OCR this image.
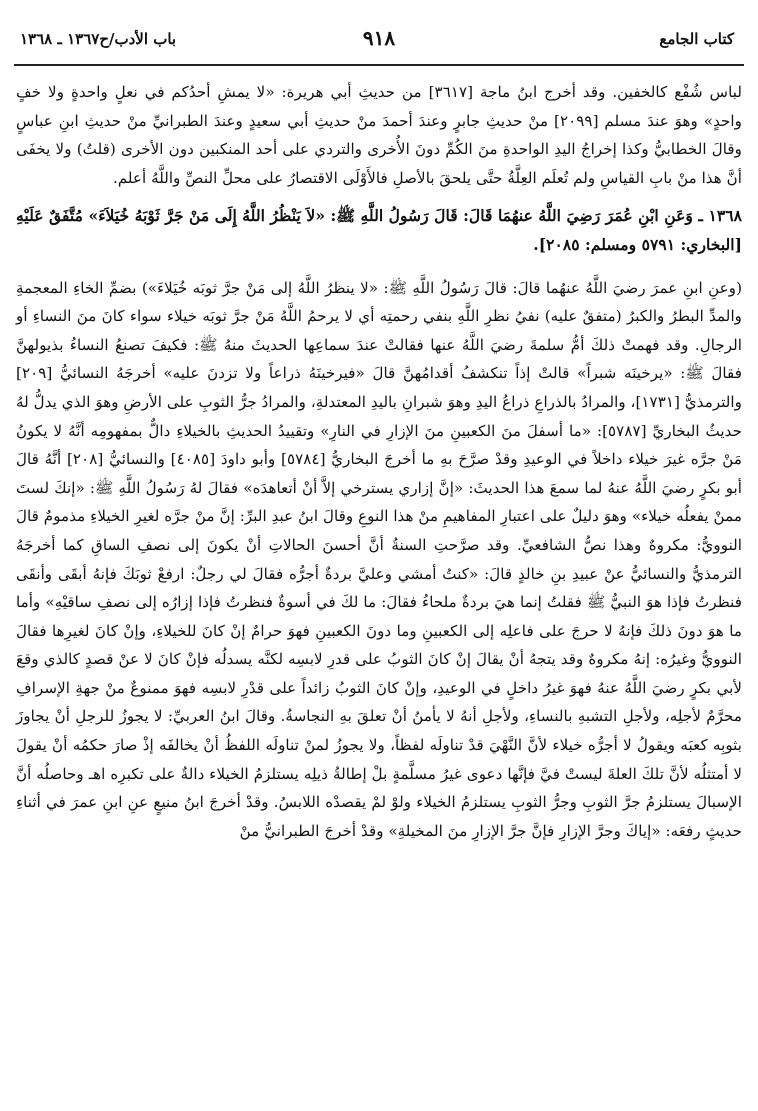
كتاب الجامع
٩١٨
باب الأدب/ح١٣٦٧ ـ ١٣٦٨

لباس شُفْع كالخفين. وقد أخرج ابنُ ماجة [٣٦١٧] من حديثِ أبي هريرة: «لا يمشِ أحدُكم في نعلٍ واحدةٍ ولا خفٍ واحدٍ» وهوَ عندَ مسلم [٢٠٩٩] منْ حديثِ جابرٍ وعندَ أحمدَ منْ حديثِ أبي سعيدٍ وعندَ الطبرانيِّ منْ حديثِ ابنِ عباسٍ وقالَ الخطابيُّ وكذا إخراجُ اليدِ الواحدةِ منَ الكُمِّ دونَ الأُخرى والتردي على أحد المنكبين دون الأخرى (قلتُ) ولا يخفَى أنَّ هذا منْ بابِ القياسِ ولم تُعلَم العِلَّةُ حتَّى يلحقَ بالأصلِ فالأَوْلَى الاقتصارُ على محلِّ النصِّ واللَّهُ أعلم.

١٣٦٨ ـ وَعَنِ ابْنِ عُمَرَ رَضِيَ اللَّهُ عنهُمَا قَالَ: قَالَ رَسُولُ اللَّهِ ﷺ: «لاَ يَنْظُرُ اللَّهُ إِلَى مَنْ جَرَّ ثَوْبَهُ خُيَلاَءَ» مُتَّفَقٌ عَلَيْهِ [البخاري: ٥٧٩١ ومسلم: ٢٠٨٥].

(وعنِ ابنِ عمرَ رضيَ اللَّهُ عنهُما قالَ: قالَ رَسُولُ اللَّهِ ﷺ: «لا ينظرُ اللَّهُ إلى مَنْ جرَّ ثوبَه خُيَلاءَ») بضمِّ الخاءِ المعجمةِ والمدِّ البطرُ والكبرُ (متفقٌ عليه) نفيُ نظرِ اللَّهِ بنفي رحمتِه أي لا يرحمُ اللَّهُ مَنْ جرَّ ثوبَه خيلاء سواء كانَ منَ النساءِ أو الرجالِ. وقد فهمتْ ذلكَ أمُّ سلمةَ رضيَ اللَّهُ عنها فقالتْ عندَ سماعِها الحديثَ منهُ ﷺ: فكيفَ تصنعُ النساءُ بذيولهنَّ فقالَ ﷺ: «يرخينَه شبراً» قالتْ إذاً تنكشفُ أقدامُهنَّ قالَ «فيرخينَهُ ذراعاً ولا تزدنَ عليه» أخرجَهُ النسائيُّ [٢٠٩] والترمذيُّ [١٧٣١]، والمرادُ بالذراعِ ذراعُ اليدِ وهوَ شبرانِ باليدِ المعتدلةِ، والمرادُ جرُّ الثوبِ على الأرضِ وهوَ الذي يدلُّ لهُ حديثُ البخاريِّ [٥٧٨٧]: «ما أسفلَ منَ الكعبينِ منَ الإزارِ في النارِ» وتقييدُ الحديثِ بالخيلاءِ دالٌّ بمفهومِه أنَّهُ لا يكونُ مَنْ جرَّه غيرَ خيلاء داخلاً في الوعيدِ وقدْ صرَّحَ بهِ ما أخرجَ البخاريُّ [٥٧٨٤] وأبو داودَ [٤٠٨٥] والنسائيُّ [٢٠٨] أنَّهُ قالَ أبو بكرٍ رضيَ اللَّهُ عنهُ لما سمعَ هذا الحديثَ: «إنَّ إزاري يسترخي إلاَّ أنْ أتعاهدَه» فقالَ لهُ رَسُولُ اللَّهِ ﷺ: «إنكَ لستَ ممنْ يفعلُه خيلاء» وهوَ دليلٌ على اعتبارِ المفاهيمِ منْ هذا النوعِ وقالَ ابنُ عبدِ البرِّ: إنَّ منْ جرَّه لغيرِ الخيلاءِ مذمومٌ قالَ النوويُّ: مكروهٌ وهذا نصُّ الشافعيِّ. وقد صرَّحتِ السنةُ أنَّ أحسنَ الحالاتِ أنْ يكونَ إلى نصفِ الساقِ كما أخرجَهُ الترمذيُّ والنسائيُّ عنْ عبيدِ بنِ خالدٍ قالَ: «كنتُ أمشي وعليَّ بردةٌ أجرُّه فقالَ لي رجلٌ: ارفعْ ثوبَكَ فإنهُ أبقَى وأنقَى فنظرتُ فإذا هوَ النبيُّ ﷺ فقلتُ إنما هيَ بردةٌ ملحاءُ فقالَ: ما لكَ في أسوةٌ فنظرتُ فإذا إزارُه إلى نصفِ ساقيْهِ» وأما ما هوَ دونَ ذلكَ فإنهُ لا حرجَ على فاعلِه إلى الكعبينِ وما دونَ الكعبينِ فهوَ حرامٌ إنْ كانَ للخيلاءِ، وإنْ كانَ لغيرِها فقالَ النوويُّ وغيرُه: إنهُ مكروهٌ وقد يتجهُ أنْ يقالَ إنْ كانَ الثوبُ على قدرِ لابسِه لكنَّه يسدلُه فإنْ كانَ لا عنْ قصدٍ كالذي وقعَ لأبي بكرٍ رضيَ اللَّهُ عنهُ فهوَ غيرُ داخلٍ في الوعيدِ، وإنْ كانَ الثوبُ زائداً على قدْرِ لابسِه فهوَ ممنوعٌ منْ جهةِ الإسرافِ محرَّمٌ لأجلِه، ولأجلِ التشبهِ بالنساءِ، ولأجلِ أنهُ لا يأمنُ أنْ تعلقَ بهِ النجاسةُ. وقالَ ابنُ العربيِّ: لا يجوزُ للرجلِ أنْ يجاوزَ بثوبِه كعبَه ويقولُ لا أجرُّه خيلاء لأنَّ النَّهْيَ قدْ تناولَه لفظاً، ولا يجوزُ لمنْ تناولَه اللفظُ أنْ يخالفَه إذْ صارَ حكمُه أنْ يقولَ لا أمتثلُه لأنَّ تلكَ العلةَ ليستْ فيَّ فإنَّها دعوى غيرُ مسلَّمةٍ بلْ إطالةُ ذيلِه يستلزمُ الخيلاء دالةٌ على تكبرِه اهـ وحاصلُه أنَّ الإسبالَ يستلزمُ جرَّ الثوبِ وجرُّ الثوبِ يستلزمُ الخيلاء ولوْ لمْ يقصدْه اللابسُ. وقدْ أخرجَ ابنُ منيعٍ عنِ ابنِ عمرَ في أثناءِ حديثٍ رفعَه: «إياكَ وجرَّ الإزارِ فإنَّ جرَّ الإزارِ منَ المخيلةِ» وقدْ أخرجَ الطبرانيُّ منْ
